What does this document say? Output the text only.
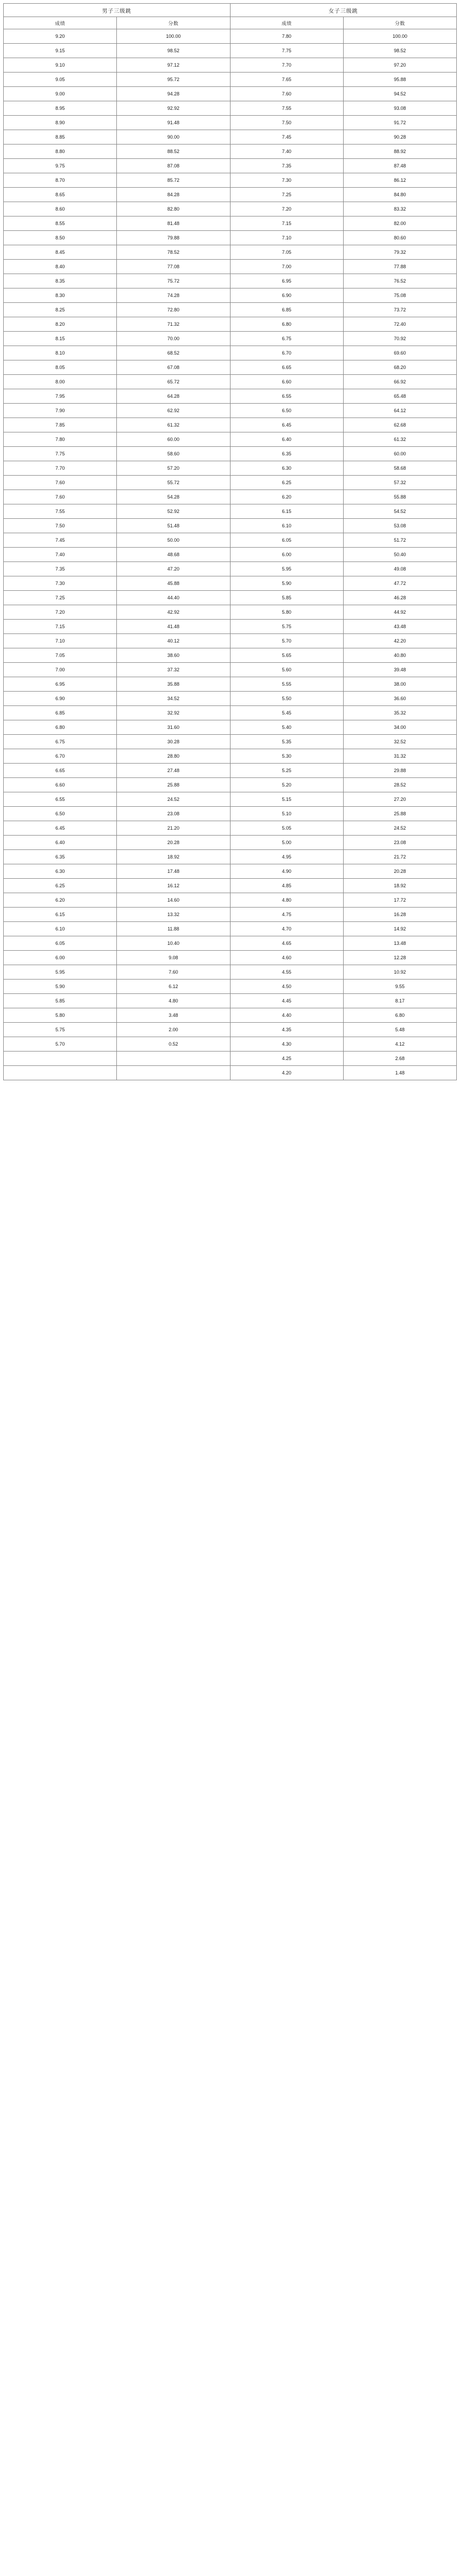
男子三级跳		女子三级跳	
成绩	分数	成绩	分数
9.20	100.00	7.80	100.00
9.15	98.52	7.75	98.52
9.10	97.12	7.70	97.20
9.05	95.72	7.65	95.88
9.00	94.28	7.60	94.52
8.95	92.92	7.55	93.08
8.90	91.48	7.50	91.72
8.85	90.00	7.45	90.28
8.80	88.52	7.40	88.92
9.75	87.08	7.35	87.48
8.70	85.72	7.30	86.12
8.65	84.28	7.25	84.80
8.60	82.80	7.20	83.32
8.55	81.48	7.15	82.00
8.50	79.88	7.10	80.60
8.45	78.52	7.05	79.32
8.40	77.08	7.00	77.88
8.35	75.72	6.95	76.52
8.30	74.28	6.90	75.08
8.25	72.80	6.85	73.72
8.20	71.32	6.80	72.40
8.15	70.00	6.75	70.92
8.10	68.52	6.70	69.60
8.05	67.08	6.65	68.20
8.00	65.72	6.60	66.92
7.95	64.28	6.55	65.48
7.90	62.92	6.50	64.12
7.85	61.32	6.45	62.68
7.80	60.00	6.40	61.32
7.75	58.60	6.35	60.00
7.70	57.20	6.30	58.68
7.60	55.72	6.25	57.32
7.60	54.28	6.20	55.88
7.55	52.92	6.15	54.52
7.50	51.48	6.10	53.08
7.45	50.00	6.05	51.72
7.40	48.68	6.00	50.40
7.35	47.20	5.95	49.08
7.30	45.88	5.90	47.72
7.25	44.40	5.85	46.28
7.20	42.92	5.80	44.92
7.15	41.48	5.75	43.48
7.10	40.12	5.70	42.20
7.05	38.60	5.65	40.80
7.00	37.32	5.60	39.48
6.95	35.88	5.55	38.00
6.90	34.52	5.50	36.60
6.85	32.92	5.45	35.32
6.80	31.60	5.40	34.00
6.75	30.28	5.35	32.52
6.70	28.80	5.30	31.32
6.65	27.48	5.25	29.88
6.60	25.88	5.20	28.52
6.55	24.52	5.15	27.20
6.50	23.08	5.10	25.88
6.45	21.20	5.05	24.52
6.40	20.28	5.00	23.08
6.35	18.92	4.95	21.72
6.30	17.48	4.90	20.28
6.25	16.12	4.85	18.92
6.20	14.60	4.80	17.72
6.15	13.32	4.75	16.28
6.10	11.88	4.70	14.92
6.05	10.40	4.65	13.48
6.00	9.08	4.60	12.28
5.95	7.60	4.55	10.92
5.90	6.12	4.50	9.55
5.85	4.80	4.45	8.17
5.80	3.48	4.40	6.80
5.75	2.00	4.35	5.48
5.70	0.52	4.30	4.12
		4.25	2.68
		4.20	1.48
